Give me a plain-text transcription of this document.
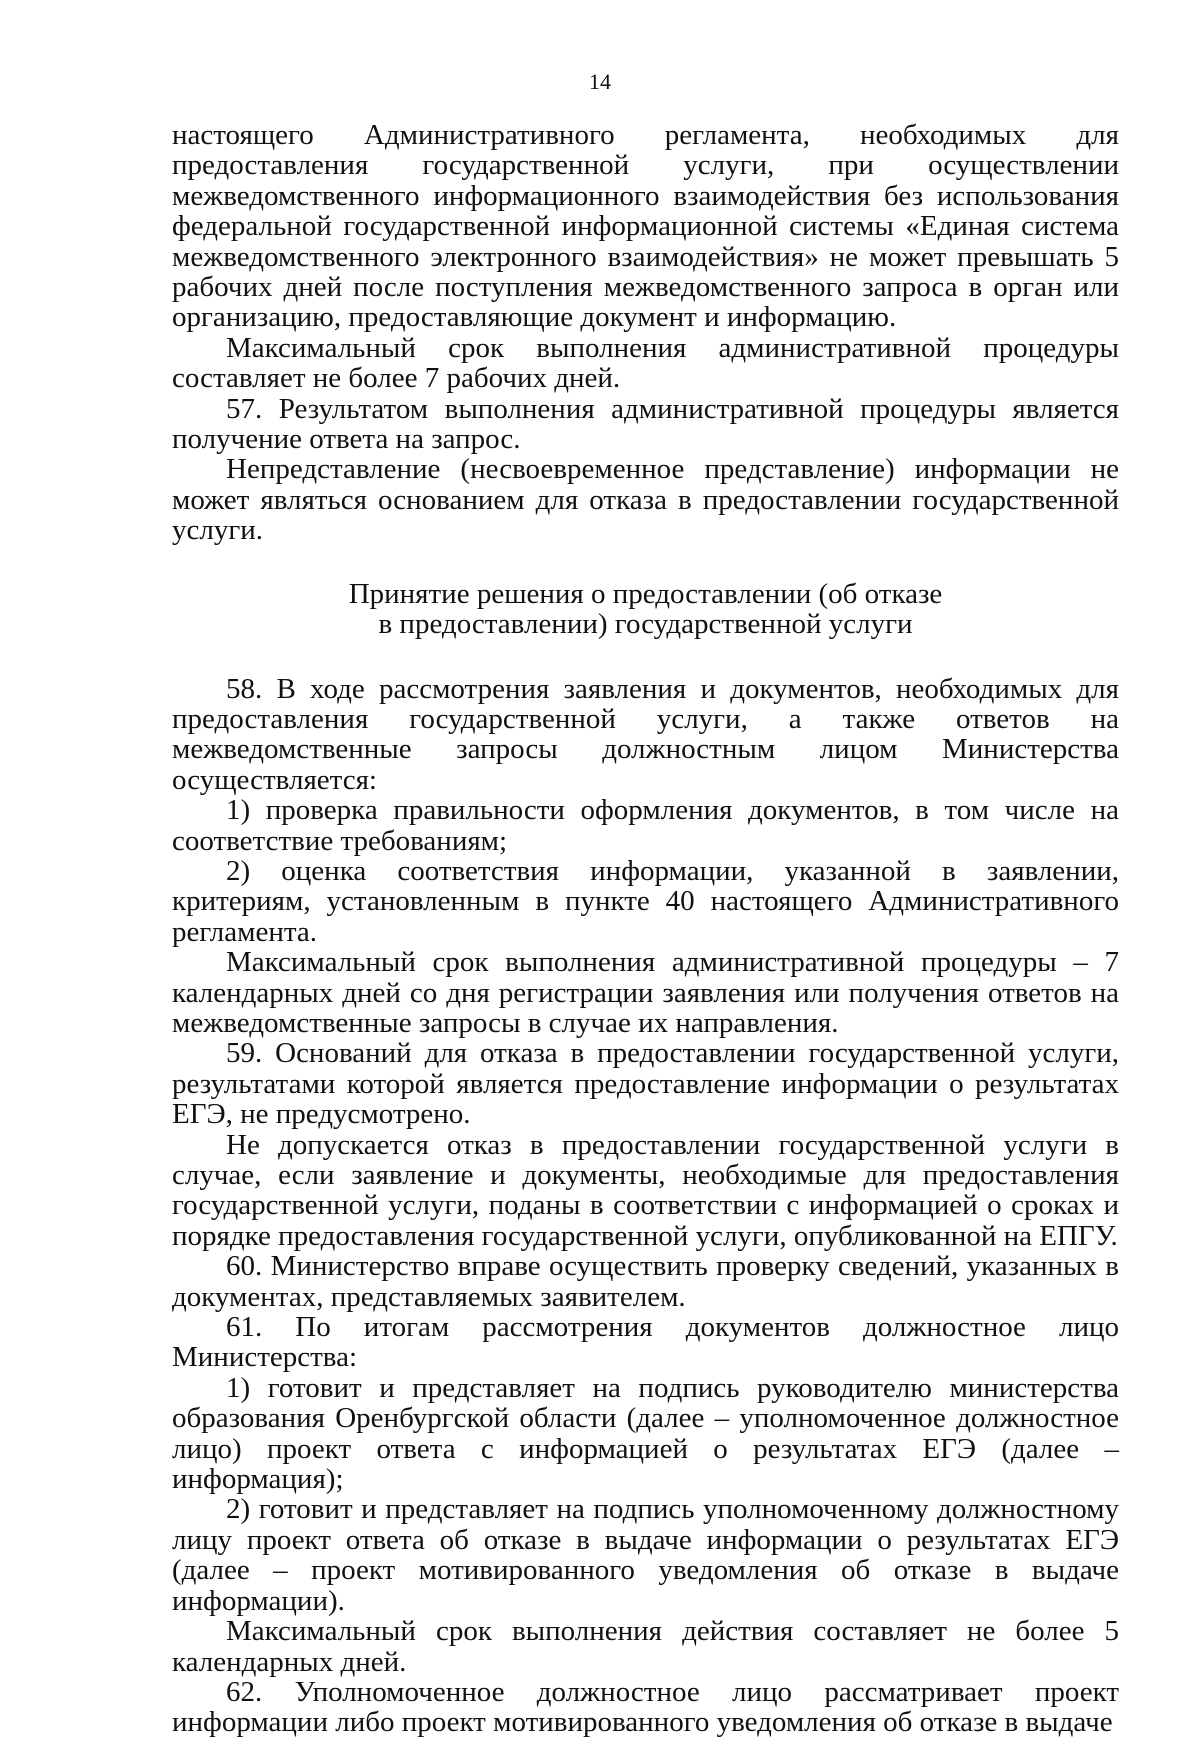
14

настоящего Административного регламента, необходимых для предоставления государственной услуги, при осуществлении межведомственного информационного взаимодействия без использования федеральной государственной информационной системы «Единая система межведомственного электронного взаимодействия» не может превышать 5 рабочих дней после поступления межведомственного запроса в орган или организацию, предоставляющие документ и информацию.

Максимальный срок выполнения административной процедуры составляет не более 7 рабочих дней.

57. Результатом выполнения административной процедуры является получение ответа на запрос.

Непредставление (несвоевременное представление) информации не может являться основанием для отказа в предоставлении государственной услуги.

Принятие решения о предоставлении (об отказе
в предоставлении) государственной услуги

58. В ходе рассмотрения заявления и документов, необходимых для предоставления государственной услуги, а также ответов на межведомственные запросы должностным лицом Министерства осуществляется:

1) проверка правильности оформления документов, в том числе на соответствие требованиям;

2) оценка соответствия информации, указанной в заявлении, критериям, установленным в пункте 40 настоящего Административного регламента.

Максимальный срок выполнения административной процедуры – 7 календарных дней со дня регистрации заявления или получения ответов на межведомственные запросы в случае их направления.

59. Оснований для отказа в предоставлении государственной услуги, результатами которой является предоставление информации о результатах ЕГЭ, не предусмотрено.

Не допускается отказ в предоставлении государственной услуги в случае, если заявление и документы, необходимые для предоставления государственной услуги, поданы в соответствии с информацией о сроках и порядке предоставления государственной услуги, опубликованной на ЕПГУ.

60. Министерство вправе осуществить проверку сведений, указанных в документах, представляемых заявителем.

61. По итогам рассмотрения документов должностное лицо Министерства:

1) готовит и представляет на подпись руководителю министерства образования Оренбургской области (далее – уполномоченное должностное лицо) проект ответа с информацией о результатах ЕГЭ (далее – информация);

2) готовит и представляет на подпись уполномоченному должностному лицу проект ответа об отказе в выдаче информации о результатах ЕГЭ (далее – проект мотивированного уведомления об отказе в выдаче информации).

Максимальный срок выполнения действия составляет не более 5 календарных дней.

62. Уполномоченное должностное лицо рассматривает проект информации либо проект мотивированного уведомления об отказе в выдаче
